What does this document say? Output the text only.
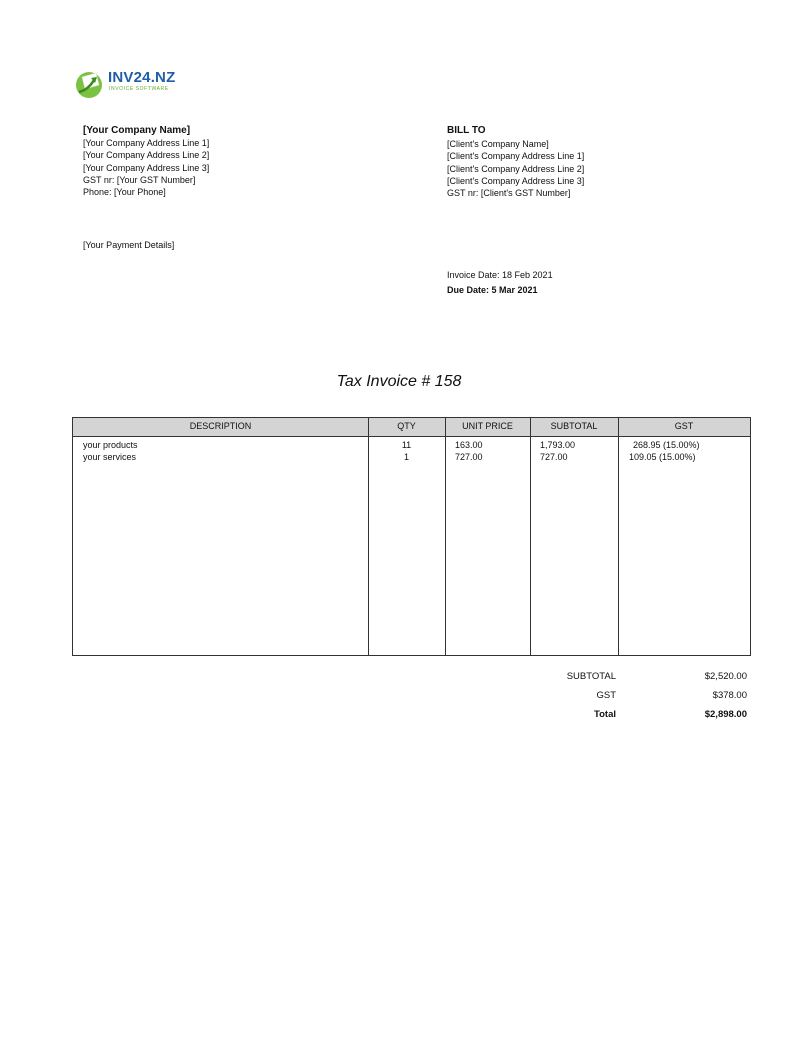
INV24.NZ
INVOICE SOFTWARE
[Your Company Name]
[Your Company Address Line 1]
[Your Company Address Line 2]
[Your Company Address Line 3]
GST nr: [Your GST Number]
Phone: [Your Phone]
BILL TO
[Client's Company Name]
[Client's Company Address Line 1]
[Client's Company Address Line 2]
[Client's Company Address Line 3]
GST nr: [Client's GST Number]
[Your Payment Details]
Invoice Date: 18 Feb 2021
Due Date: 5 Mar 2021
Tax Invoice # 158
DESCRIPTION	QTY	UNIT PRICE	SUBTOTAL	GST
your products	11	163.00	1,793.00	268.95 (15.00%)
your services	1	727.00	727.00	109.05 (15.00%)
SUBTOTAL	$2,520.00
GST	$378.00
Total	$2,898.00
